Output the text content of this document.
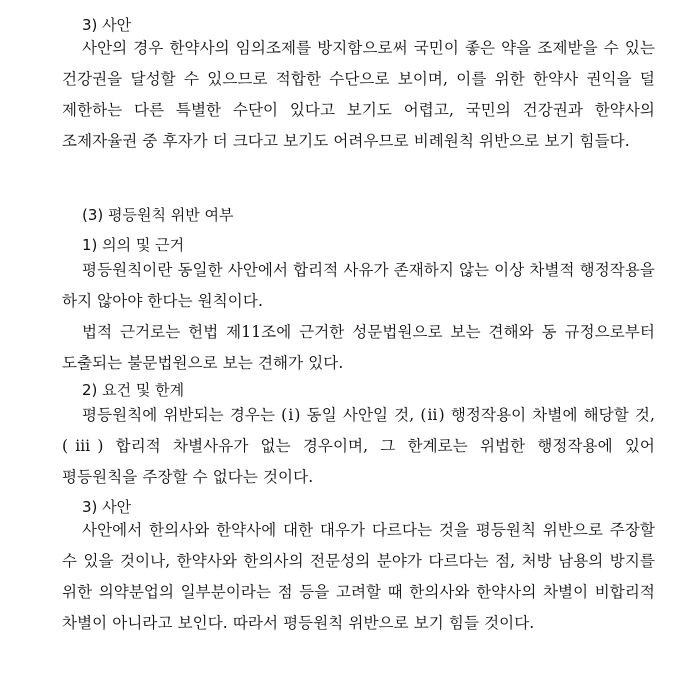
3) 사안
사안의 경우 한약사의 임의조제를 방지함으로써 국민이 좋은 약을 조제받을 수 있는 건강권을 달성할 수 있으므로 적합한 수단으로 보이며, 이를 위한 한약사 권익을 덜 제한하는 다른 특별한 수단이 있다고 보기도 어렵고, 국민의 건강권과 한약사의 조제자율권 중 후자가 더 크다고 보기도 어려우므로 비례원칙 위반으로 보기 힘들다.
(3) 평등원칙 위반 여부
1) 의의 및 근거
평등원칙이란 동일한 사안에서 합리적 사유가 존재하지 않는 이상 차별적 행정작용을 하지 않아야 한다는 원칙이다.
법적 근거로는 헌법 제11조에 근거한 성문법원으로 보는 견해와 동 규정으로부터 도출되는 불문법원으로 보는 견해가 있다.
2) 요건 및 한계
평등원칙에 위반되는 경우는 (ⅰ) 동일 사안일 것, (ⅱ) 행정작용이 차별에 해당할 것, (ⅲ) 합리적 차별사유가 없는 경우이며, 그 한계로는 위법한 행정작용에 있어 평등원칙을 주장할 수 없다는 것이다.
3) 사안
사안에서 한의사와 한약사에 대한 대우가 다르다는 것을 평등원칙 위반으로 주장할 수 있을 것이나, 한약사와 한의사의 전문성의 분야가 다르다는 점, 처방 남용의 방지를 위한 의약분업의 일부분이라는 점 등을 고려할 때 한의사와 한약사의 차별이 비합리적 차별이 아니라고 보인다. 따라서 평등원칙 위반으로 보기 힘들 것이다.
